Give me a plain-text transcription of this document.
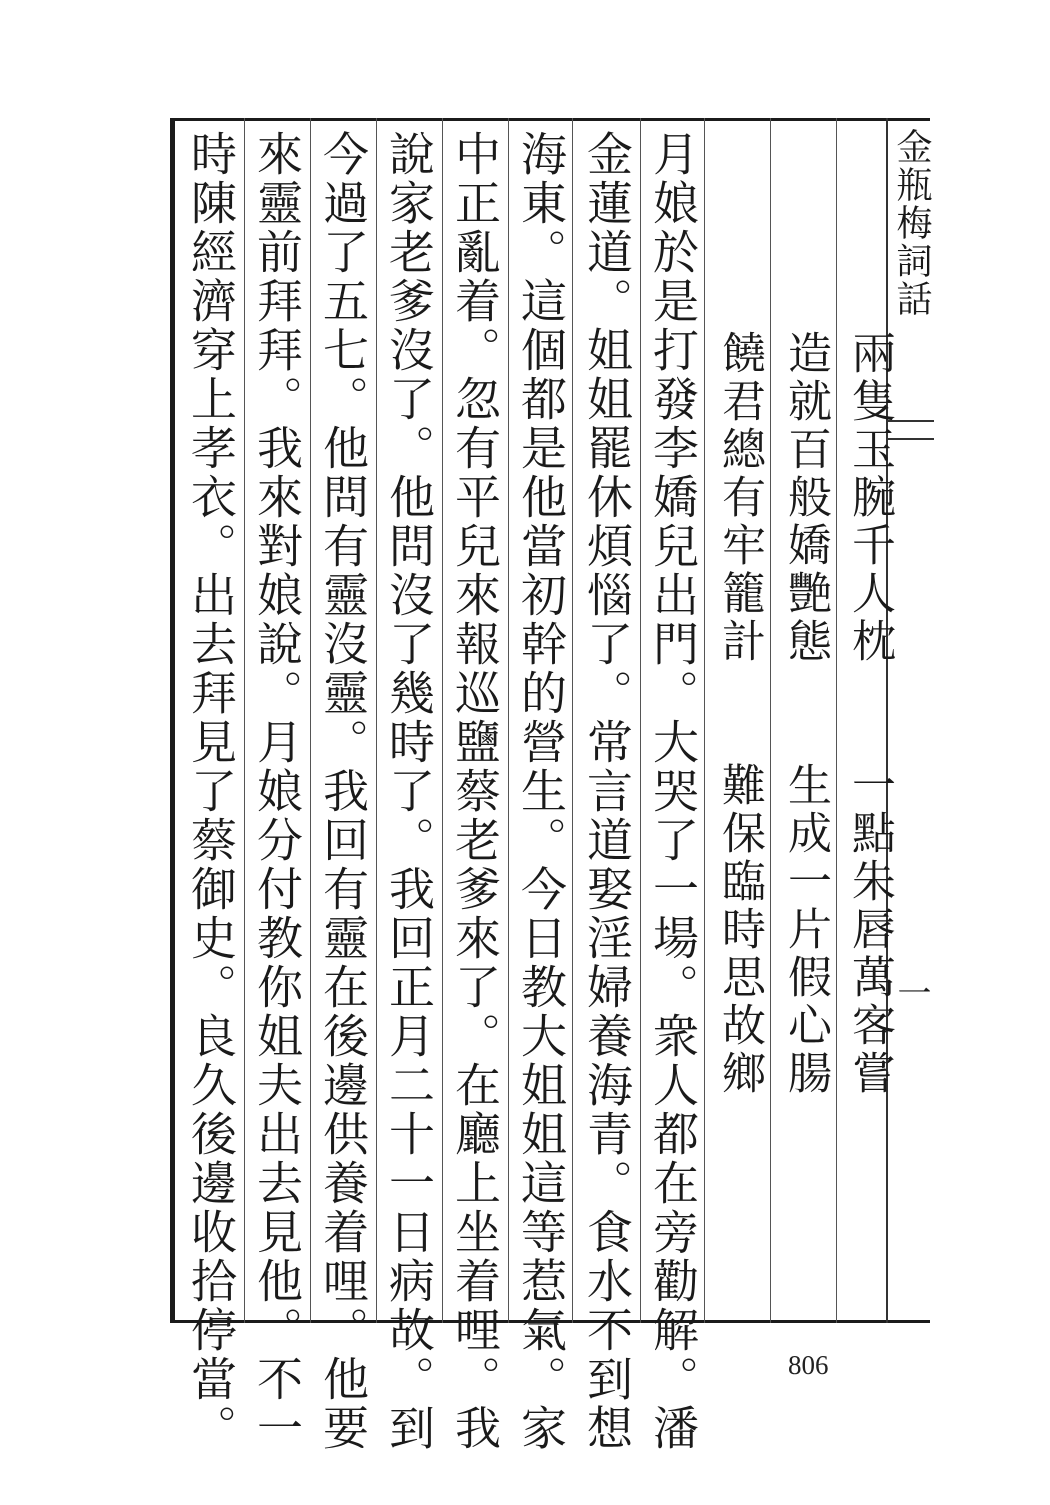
金瓶梅詞話
一
兩隻玉腕千人枕　　一點朱唇萬客嘗
造就百般嬌艷態　　生成一片假心腸
饒君總有牢籠計　　難保臨時思故鄉
月娘於是打發李嬌兒出門。大哭了一場。衆人都在旁勸解。潘
金蓮道。姐姐罷休煩惱了。常言道娶淫婦養海青。食水不到想
海東。這個都是他當初幹的營生。今日教大姐姐這等惹氣。家
中正亂着。忽有平兒來報巡鹽蔡老爹來了。在廳上坐着哩。我
說家老爹沒了。他問沒了幾時了。我回正月二十一日病故。到
今過了五七。他問有靈沒靈。我回有靈在後邊供養着哩。他要
來靈前拜拜。我來對娘說。月娘分付教你姐夫出去見他。不一
時陳經濟穿上孝衣。出去拜見了蔡御史。良久後邊收拾停當。	806
